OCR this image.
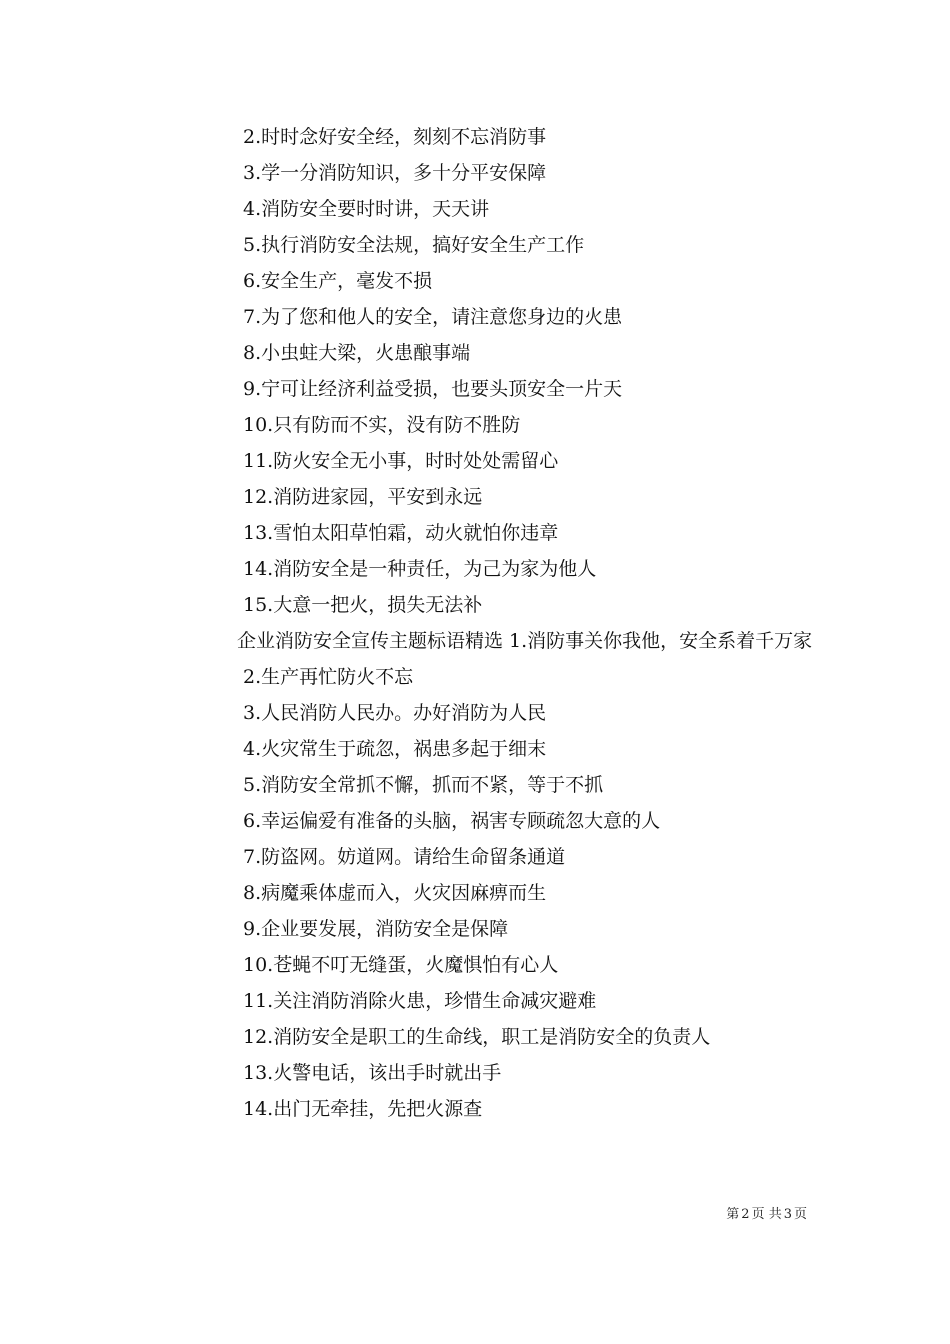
2.时时念好安全经，刻刻不忘消防事
3.学一分消防知识，多十分平安保障
4.消防安全要时时讲，天天讲
5.执行消防安全法规，搞好安全生产工作
6.安全生产，毫发不损
7.为了您和他人的安全，请注意您身边的火患
8.小虫蛀大梁，火患酿事端
9.宁可让经济利益受损，也要头顶安全一片天
10.只有防而不实，没有防不胜防
11.防火安全无小事，时时处处需留心
12.消防进家园，平安到永远
13.雪怕太阳草怕霜，动火就怕你违章
14.消防安全是一种责任，为己为家为他人
15.大意一把火，损失无法补

企业消防安全宣传主题标语精选 1.消防事关你我他，安全系着千万家

2.生产再忙防火不忘
3.人民消防人民办。办好消防为人民
4.火灾常生于疏忽，祸患多起于细末
5.消防安全常抓不懈，抓而不紧，等于不抓
6.幸运偏爱有准备的头脑，祸害专顾疏忽大意的人
7.防盗网。妨道网。请给生命留条通道
8.病魔乘体虚而入，火灾因麻痹而生
9.企业要发展，消防安全是保障
10.苍蝇不叮无缝蛋，火魔惧怕有心人
11.关注消防消除火患，珍惜生命减灾避难
12.消防安全是职工的生命线，职工是消防安全的负责人
13.火警电话，该出手时就出手
14.出门无牵挂，先把火源查
第 2 页 共 3 页
